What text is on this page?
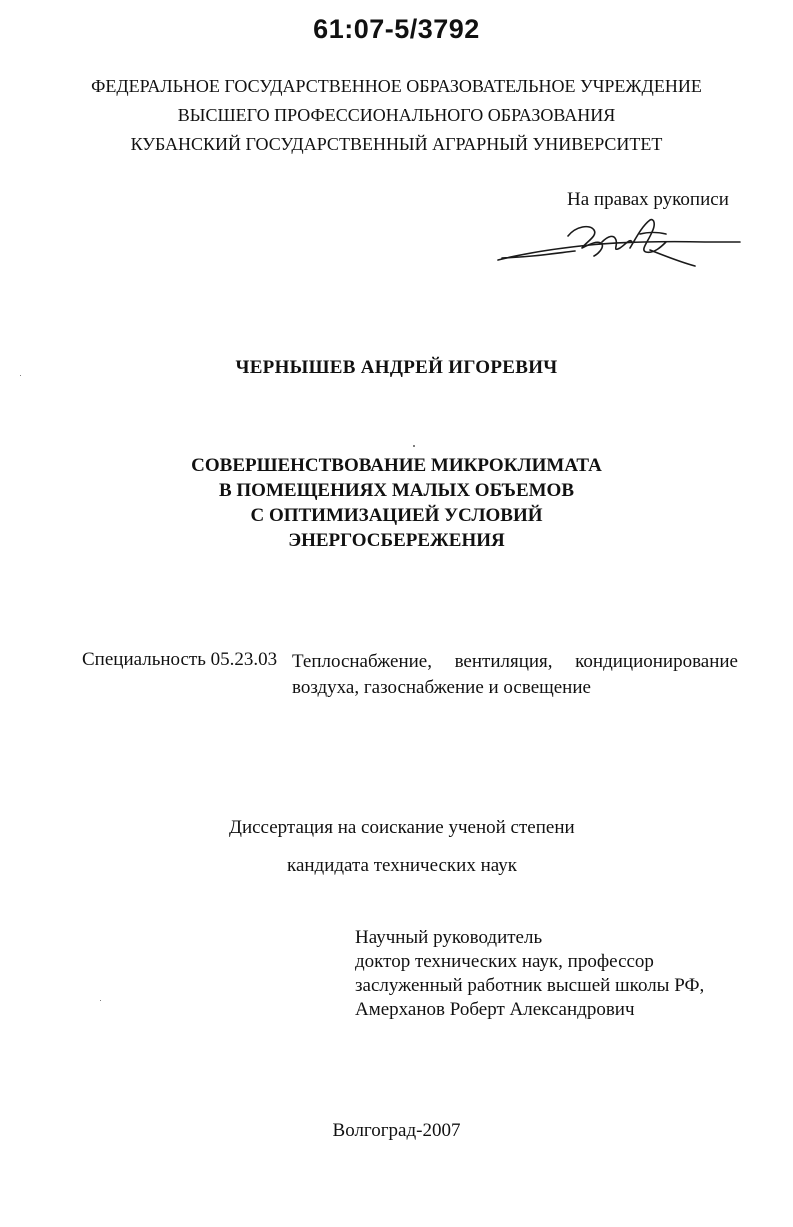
61:07-5/3792
ФЕДЕРАЛЬНОЕ ГОСУДАРСТВЕННОЕ ОБРАЗОВАТЕЛЬНОЕ УЧРЕЖДЕНИЕ
ВЫСШЕГО ПРОФЕССИОНАЛЬНОГО ОБРАЗОВАНИЯ
КУБАНСКИЙ ГОСУДАРСТВЕННЫЙ АГРАРНЫЙ УНИВЕРСИТЕТ
На правах рукописи
ЧЕРНЫШЕВ АНДРЕЙ ИГОРЕВИЧ
СОВЕРШЕНСТВОВАНИЕ МИКРОКЛИМАТА
В ПОМЕЩЕНИЯХ МАЛЫХ ОБЪЕМОВ
С ОПТИМИЗАЦИЕЙ УСЛОВИЙ
ЭНЕРГОСБЕРЕЖЕНИЯ
Специальность 05.23.03 Теплоснабжение, вентиляция, кондиционирование воздуха, газоснабжение и освещение
Диссертация на соискание ученой степени
кандидата технических наук
Научный руководитель
доктор технических наук, профессор
заслуженный работник высшей школы РФ,
Амерханов Роберт Александрович
Волгоград-2007
